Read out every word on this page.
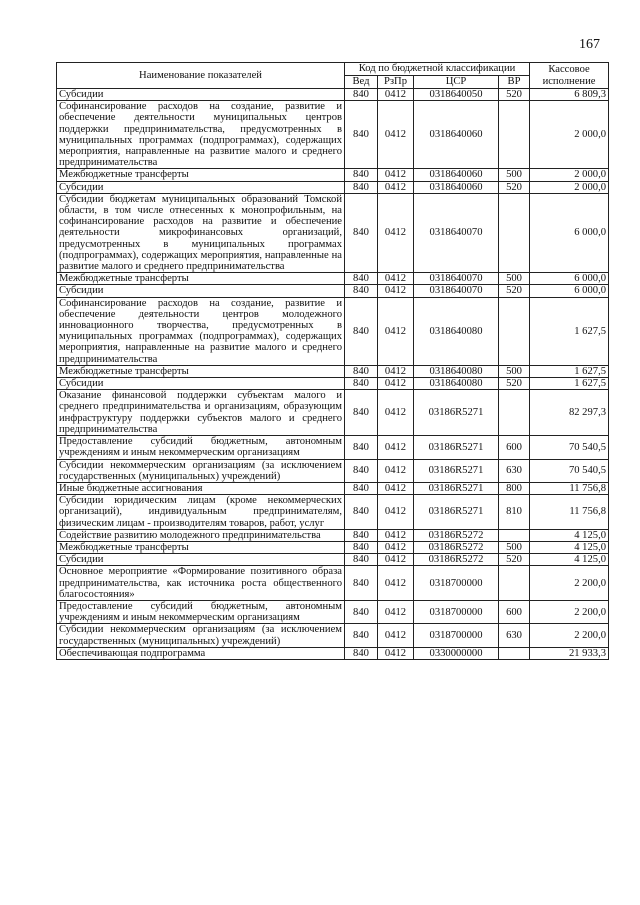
167
Наименование показателей	Код по бюджетной классификации				Кассовое
исполнение
	Вед	РзПр	ЦСР	ВР	
Субсидии	840	0412	0318640050	520	6 809,3
Софинансирование расходов на создание, развитие и обеспечение деятельности муниципальных центров поддержки предпринимательства, предусмотренных в муниципальных программах (подпрограммах), содержащих мероприятия, направленные на развитие малого и среднего предпринимательства	840	0412	0318640060		2 000,0
Межбюджетные трансферты	840	0412	0318640060	500	2 000,0
Субсидии	840	0412	0318640060	520	2 000,0
Субсидии бюджетам муниципальных образований Томской области, в том числе отнесенных к монопрофильным, на софинансирование расходов на развитие и обеспечение деятельности микрофинансовых организаций, предусмотренных в муниципальных программах (подпрограммах), содержащих мероприятия, направленные на развитие малого и среднего предпринимательства	840	0412	0318640070		6 000,0
Межбюджетные трансферты	840	0412	0318640070	500	6 000,0
Субсидии	840	0412	0318640070	520	6 000,0
Софинансирование расходов на создание, развитие и обеспечение деятельности центров молодежного инновационного творчества, предусмотренных в муниципальных программах (подпрограммах), содержащих мероприятия, направленные на развитие малого и среднего предпринимательства	840	0412	0318640080		1 627,5
Межбюджетные трансферты	840	0412	0318640080	500	1 627,5
Субсидии	840	0412	0318640080	520	1 627,5
Оказание финансовой поддержки субъектам малого и среднего предпринимательства и организациям, образующим инфраструктуру поддержки субъектов малого и среднего предпринимательства	840	0412	03186R5271		82 297,3
Предоставление субсидий бюджетным, автономным учреждениям и иным некоммерческим организациям	840	0412	03186R5271	600	70 540,5
Субсидии некоммерческим организациям (за исключением государственных (муниципальных) учреждений)	840	0412	03186R5271	630	70 540,5
Иные бюджетные ассигнования	840	0412	03186R5271	800	11 756,8
Субсидии юридическим лицам (кроме некоммерческих организаций), индивидуальным предпринимателям, физическим лицам - производителям товаров, работ, услуг	840	0412	03186R5271	810	11 756,8
Содействие развитию молодежного предпринимательства	840	0412	03186R5272		4 125,0
Межбюджетные трансферты	840	0412	03186R5272	500	4 125,0
Субсидии	840	0412	03186R5272	520	4 125,0
Основное мероприятие «Формирование позитивного образа предпринимательства, как источника роста общественного благосостояния»	840	0412	0318700000		2 200,0
Предоставление субсидий бюджетным, автономным учреждениям и иным некоммерческим организациям	840	0412	0318700000	600	2 200,0
Субсидии некоммерческим организациям (за исключением государственных (муниципальных) учреждений)	840	0412	0318700000	630	2 200,0
Обеспечивающая подпрограмма	840	0412	0330000000		21 933,3
